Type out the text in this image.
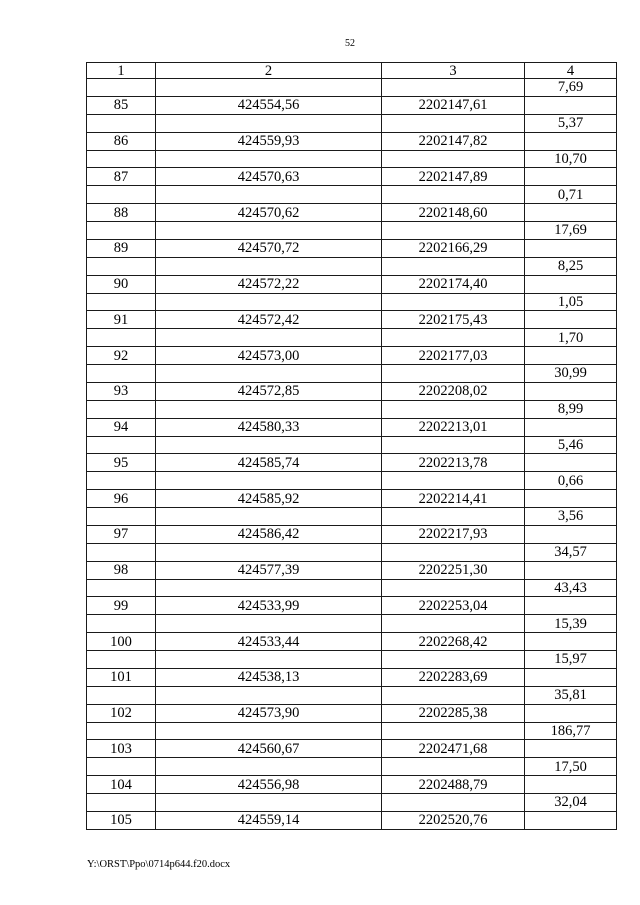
52
1	2	3	4
			7,69
85	424554,56	2202147,61	
			5,37
86	424559,93	2202147,82	
			10,70
87	424570,63	2202147,89	
			0,71
88	424570,62	2202148,60	
			17,69
89	424570,72	2202166,29	
			8,25
90	424572,22	2202174,40	
			1,05
91	424572,42	2202175,43	
			1,70
92	424573,00	2202177,03	
			30,99
93	424572,85	2202208,02	
			8,99
94	424580,33	2202213,01	
			5,46
95	424585,74	2202213,78	
			0,66
96	424585,92	2202214,41	
			3,56
97	424586,42	2202217,93	
			34,57
98	424577,39	2202251,30	
			43,43
99	424533,99	2202253,04	
			15,39
100	424533,44	2202268,42	
			15,97
101	424538,13	2202283,69	
			35,81
102	424573,90	2202285,38	
			186,77
103	424560,67	2202471,68	
			17,50
104	424556,98	2202488,79	
			32,04
105	424559,14	2202520,76	
Y:\ORST\Ppo\0714p644.f20.docx
